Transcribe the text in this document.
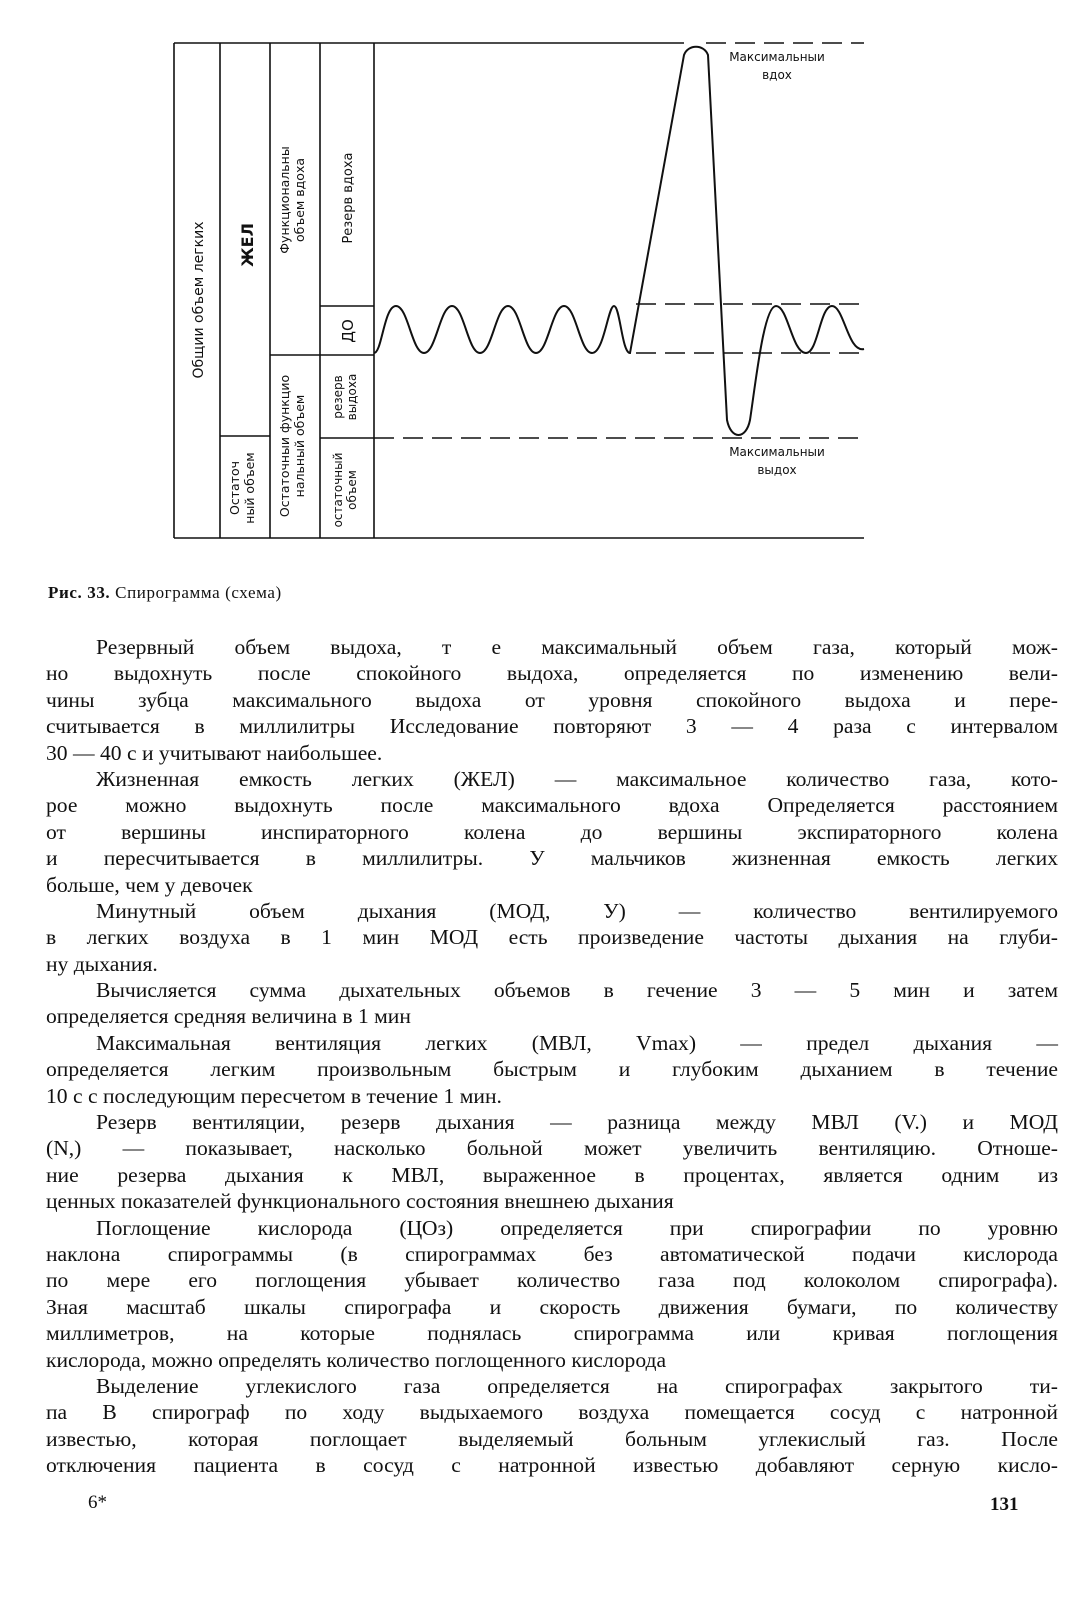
Общии объем легких ЖЕЛ
Остаточный объем
Функциональныобъем вдоха
Остаточныи функциональный объем
Резерв вдоха
ДО
резерввыдоха
остаточныйобъем
Максимальныи вдох
Максимальныи выдох
Рис. 33. Спирограмма (схема)
Резервный объем выдоха, т е максимальный объем газа, который мож-
но выдохнуть после спокойного выдоха, определяется по изменению вели-
чины зубца максимального выдоха от уровня спокойного выдоха и пере-
считывается в миллилитры Исследование повторяют 3 — 4 раза с интервалом
30 — 40 с и учитывают наибольшее.
Жизненная емкость легких (ЖЕЛ) — максимальное количество газа, кото-
рое можно выдохнуть после максимального вдоха Определяется расстоянием
от вершины инспираторного колена до вершины экспираторного колена
и пересчитывается в миллилитры. У мальчиков жизненная емкость легких
больше, чем у девочек
Минутный объем дыхания (МОД, У) — количество вентилируемого
в легких воздуха в 1 мин МОД есть произведение частоты дыхания на глуби-
ну дыхания.
Вычисляется сумма дыхательных объемов в гечение 3 — 5 мин и затем
определяется средняя величина в 1 мин
Максимальная вентиляция легких (МВЛ, Vmax) — предел дыхания —
определяется легким произвольным быстрым и глубоким дыханием в течение
10 с с последующим пересчетом в течение 1 мин.
Резерв вентиляции, резерв дыхания — разница между МВЛ (V.) и МОД
(N,) — показывает, насколько больной может увеличить вентиляцию. Отноше-
ние резерва дыхания к МВЛ, выраженное в процентах, является одним из
ценных показателей функционального состояния внешнею дыхания
Поглощение кислорода (ЦОз) определяется при спирографии по уровню
наклона спирограммы (в спирограммах без автоматической подачи кислорода
по мере его поглощения убывает количество газа под колоколом спирографа).
Зная масштаб шкалы спирографа и скорость движения бумаги, по количеству
миллиметров, на которые поднялась спирограмма или кривая поглощения
кислорода, можно определять количество поглощенного кислорода
Выделение углекислого газа определяется на спирографах закрытого ти-
па В спирограф по ходу выдыхаемого воздуха помещается сосуд с натронной
известью, которая поглощает выделяемый больным углекислый газ. После
отключения пациента в сосуд с натронной известью добавляют серную кисло-
6*	131
